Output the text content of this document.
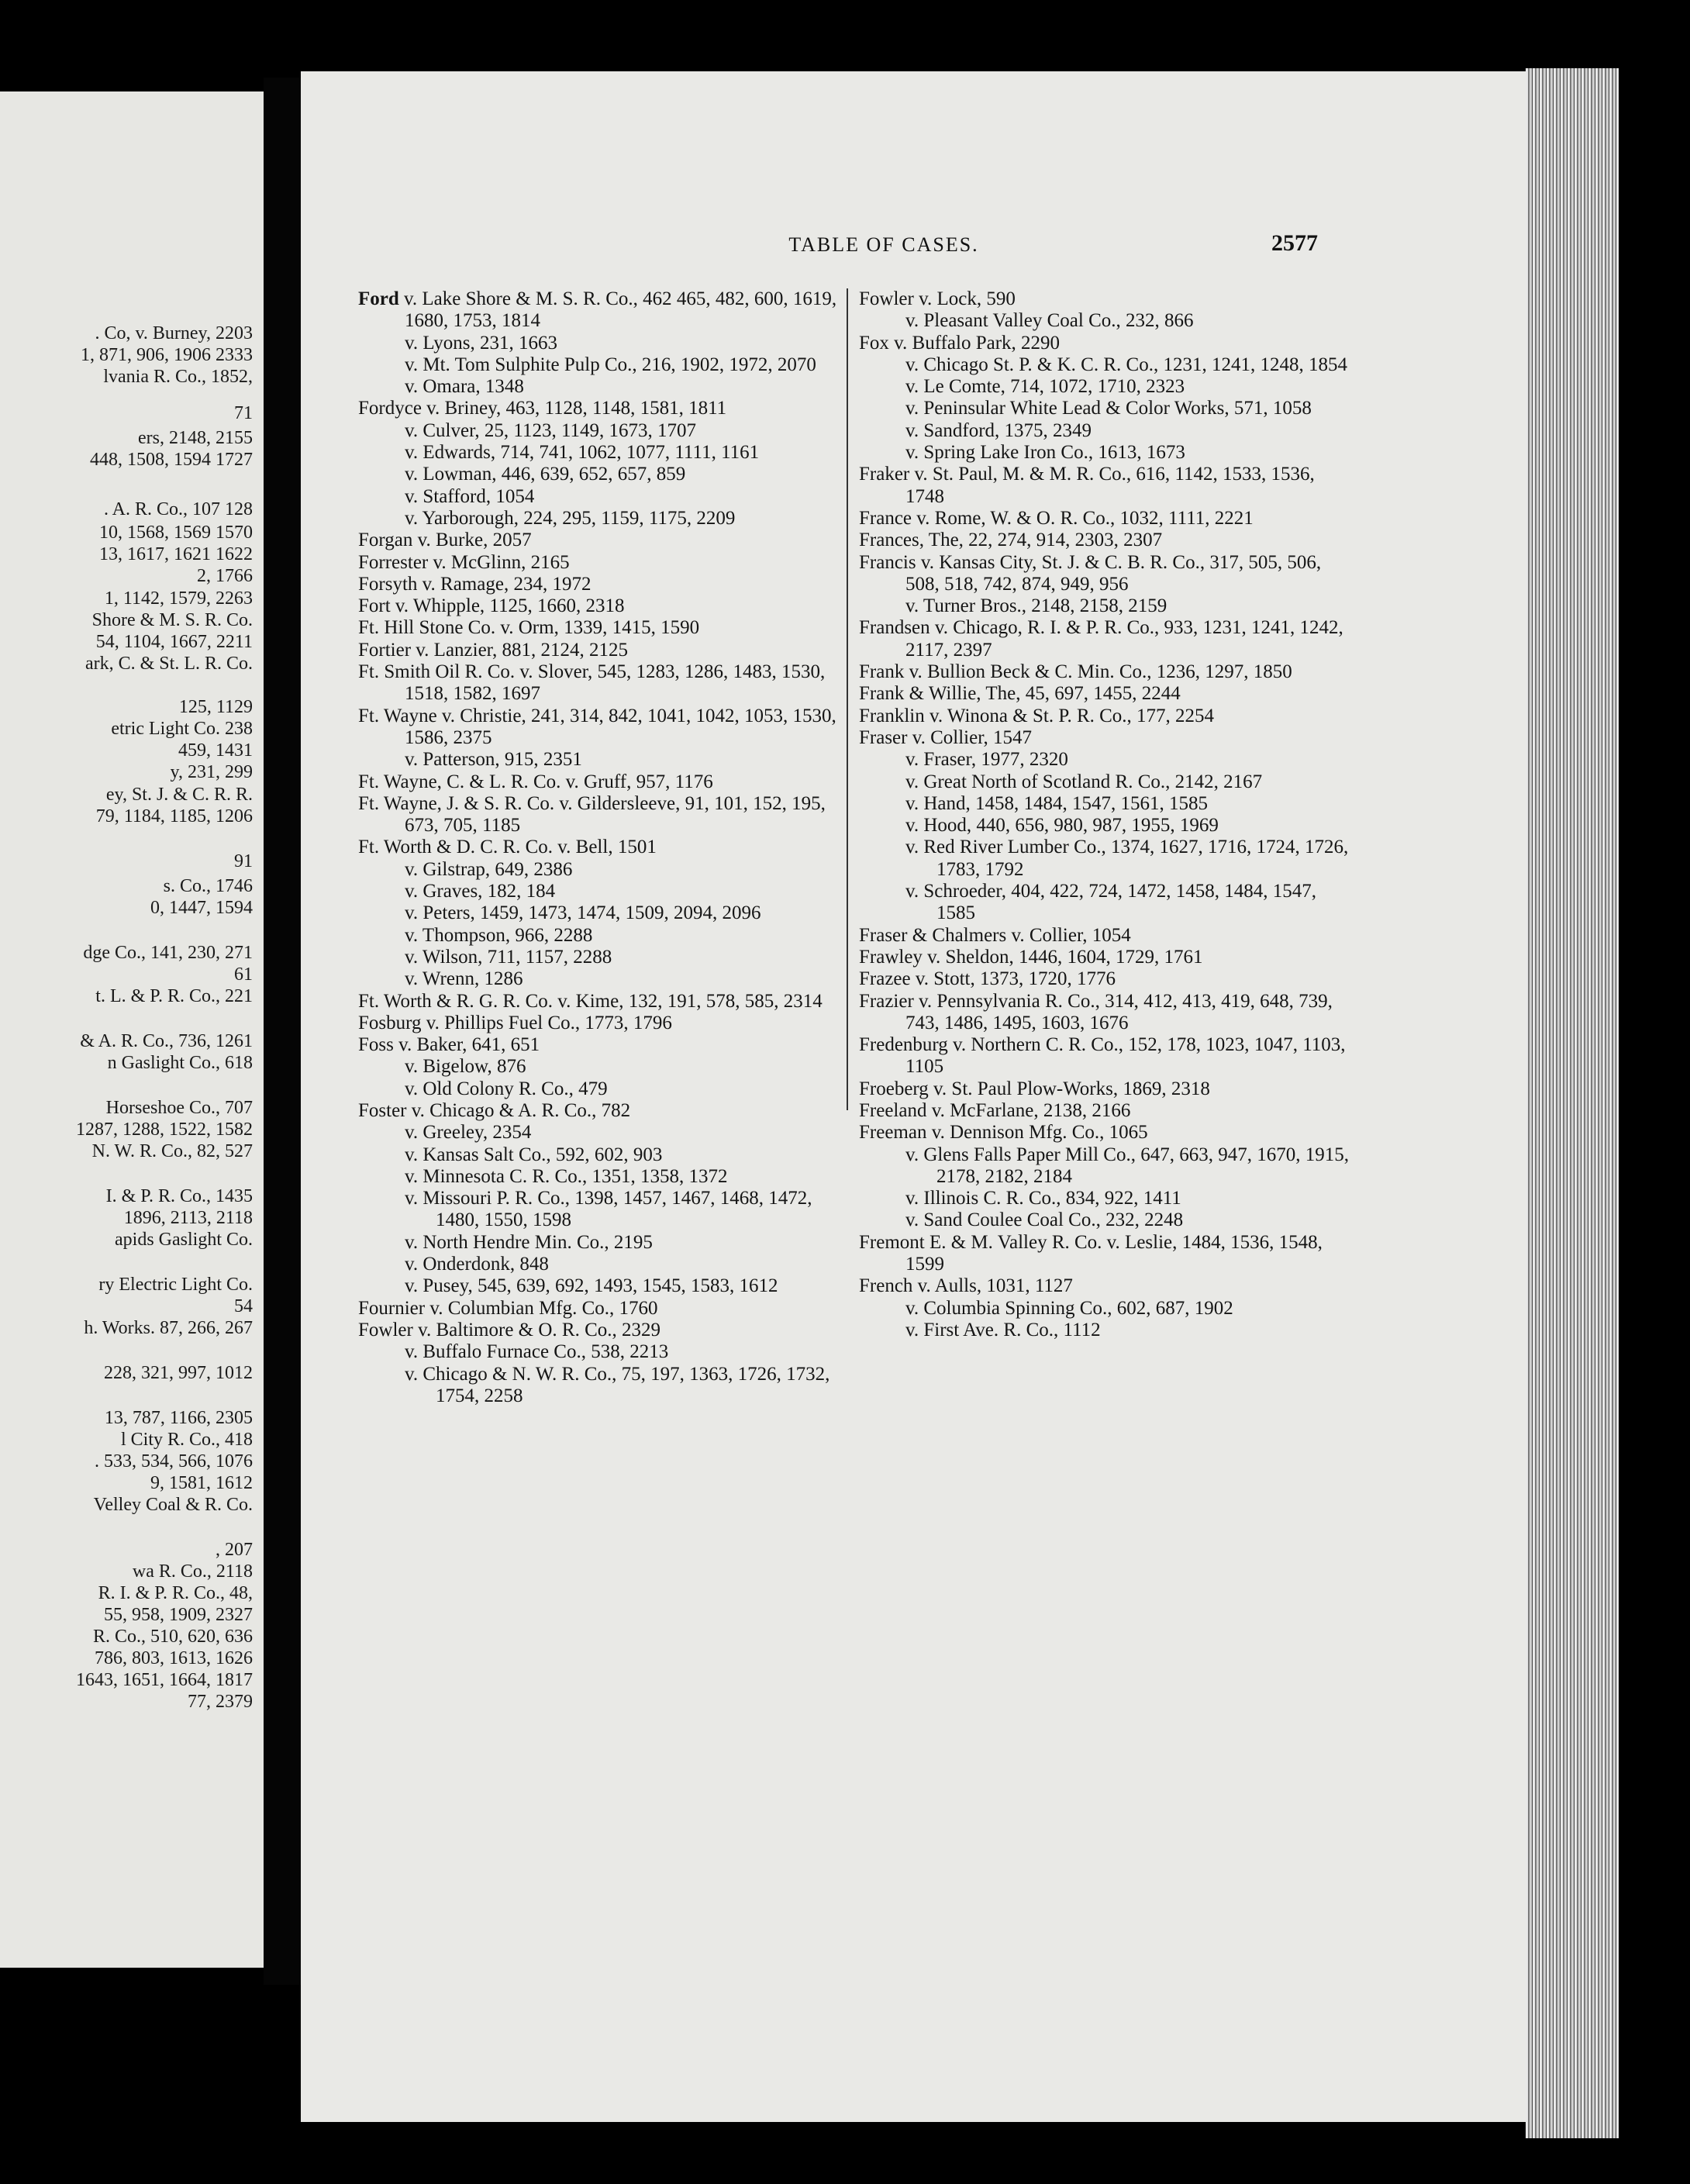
. Co, v. Burney, 2203
1, 871, 906, 1906 2333
lvania R. Co., 1852,
71
ers, 2148, 2155
448, 1508, 1594 1727
. A. R. Co., 107 128
10, 1568, 1569 1570
13, 1617, 1621 1622
2, 1766
1, 1142, 1579, 2263
Shore & M. S. R. Co.
54, 1104, 1667, 2211
ark, C. & St. L. R. Co.
125, 1129
etric Light Co. 238
459, 1431
y, 231, 299
ey, St. J. & C. R. R.
79, 1184, 1185, 1206
91
s. Co., 1746
0, 1447, 1594
dge Co., 141, 230, 271
61
t. L. & P. R. Co., 221
& A. R. Co., 736, 1261
n Gaslight Co., 618
Horseshoe Co., 707
1287, 1288, 1522, 1582
N. W. R. Co., 82, 527
I. & P. R. Co., 1435
1896, 2113, 2118
apids Gaslight Co.
ry Electric Light Co.
54
h. Works. 87, 266, 267
228, 321, 997, 1012
13, 787, 1166, 2305
l City R. Co., 418
. 533, 534, 566, 1076
9, 1581, 1612
Velley Coal & R. Co.
, 207
wa R. Co., 2118
R. I. & P. R. Co., 48,
55, 958, 1909, 2327
R. Co., 510, 620, 636
786, 803, 1613, 1626
1643, 1651, 1664, 1817
77, 2379
TABLE OF CASES.	2577

Ford v. Lake Shore & M. S. R. Co., 462 465, 482, 600, 1619, 1680, 1753, 1814

v. Lyons, 231, 1663

v. Mt. Tom Sulphite Pulp Co., 216, 1902, 1972, 2070

v. Omara, 1348

Fordyce v. Briney, 463, 1128, 1148, 1581, 1811

v. Culver, 25, 1123, 1149, 1673, 1707

v. Edwards, 714, 741, 1062, 1077, 1111, 1161

v. Lowman, 446, 639, 652, 657, 859

v. Stafford, 1054

v. Yarborough, 224, 295, 1159, 1175, 2209

Forgan v. Burke, 2057

Forrester v. McGlinn, 2165

Forsyth v. Ramage, 234, 1972

Fort v. Whipple, 1125, 1660, 2318

Ft. Hill Stone Co. v. Orm, 1339, 1415, 1590

Fortier v. Lanzier, 881, 2124, 2125

Ft. Smith Oil R. Co. v. Slover, 545, 1283, 1286, 1483, 1530, 1518, 1582, 1697

Ft. Wayne v. Christie, 241, 314, 842, 1041, 1042, 1053, 1530, 1586, 2375

v. Patterson, 915, 2351

Ft. Wayne, C. & L. R. Co. v. Gruff, 957, 1176

Ft. Wayne, J. & S. R. Co. v. Gildersleeve, 91, 101, 152, 195, 673, 705, 1185

Ft. Worth & D. C. R. Co. v. Bell, 1501

v. Gilstrap, 649, 2386

v. Graves, 182, 184

v. Peters, 1459, 1473, 1474, 1509, 2094, 2096

v. Thompson, 966, 2288

v. Wilson, 711, 1157, 2288

v. Wrenn, 1286

Ft. Worth & R. G. R. Co. v. Kime, 132, 191, 578, 585, 2314

Fosburg v. Phillips Fuel Co., 1773, 1796

Foss v. Baker, 641, 651

v. Bigelow, 876

v. Old Colony R. Co., 479

Foster v. Chicago & A. R. Co., 782

v. Greeley, 2354

v. Kansas Salt Co., 592, 602, 903

v. Minnesota C. R. Co., 1351, 1358, 1372

v. Missouri P. R. Co., 1398, 1457, 1467, 1468, 1472, 1480, 1550, 1598

v. North Hendre Min. Co., 2195

v. Onderdonk, 848

v. Pusey, 545, 639, 692, 1493, 1545, 1583, 1612

Fournier v. Columbian Mfg. Co., 1760

Fowler v. Baltimore & O. R. Co., 2329

v. Buffalo Furnace Co., 538, 2213

v. Chicago & N. W. R. Co., 75, 197, 1363, 1726, 1732, 1754, 2258

Fowler v. Lock, 590

v. Pleasant Valley Coal Co., 232, 866

Fox v. Buffalo Park, 2290

v. Chicago St. P. & K. C. R. Co., 1231, 1241, 1248, 1854

v. Le Comte, 714, 1072, 1710, 2323

v. Peninsular White Lead & Color Works, 571, 1058

v. Sandford, 1375, 2349

v. Spring Lake Iron Co., 1613, 1673

Fraker v. St. Paul, M. & M. R. Co., 616, 1142, 1533, 1536, 1748

France v. Rome, W. & O. R. Co., 1032, 1111, 2221

Frances, The, 22, 274, 914, 2303, 2307

Francis v. Kansas City, St. J. & C. B. R. Co., 317, 505, 506, 508, 518, 742, 874, 949, 956

v. Turner Bros., 2148, 2158, 2159

Frandsen v. Chicago, R. I. & P. R. Co., 933, 1231, 1241, 1242, 2117, 2397

Frank v. Bullion Beck & C. Min. Co., 1236, 1297, 1850

Frank & Willie, The, 45, 697, 1455, 2244

Franklin v. Winona & St. P. R. Co., 177, 2254

Fraser v. Collier, 1547

v. Fraser, 1977, 2320

v. Great North of Scotland R. Co., 2142, 2167

v. Hand, 1458, 1484, 1547, 1561, 1585

v. Hood, 440, 656, 980, 987, 1955, 1969

v. Red River Lumber Co., 1374, 1627, 1716, 1724, 1726, 1783, 1792

v. Schroeder, 404, 422, 724, 1472, 1458, 1484, 1547, 1585

Fraser & Chalmers v. Collier, 1054

Frawley v. Sheldon, 1446, 1604, 1729, 1761

Frazee v. Stott, 1373, 1720, 1776

Frazier v. Pennsylvania R. Co., 314, 412, 413, 419, 648, 739, 743, 1486, 1495, 1603, 1676

Fredenburg v. Northern C. R. Co., 152, 178, 1023, 1047, 1103, 1105

Froeberg v. St. Paul Plow-Works, 1869, 2318

Freeland v. McFarlane, 2138, 2166

Freeman v. Dennison Mfg. Co., 1065

v. Glens Falls Paper Mill Co., 647, 663, 947, 1670, 1915, 2178, 2182, 2184

v. Illinois C. R. Co., 834, 922, 1411

v. Sand Coulee Coal Co., 232, 2248

Fremont E. & M. Valley R. Co. v. Leslie, 1484, 1536, 1548, 1599

French v. Aulls, 1031, 1127

v. Columbia Spinning Co., 602, 687, 1902

v. First Ave. R. Co., 1112
